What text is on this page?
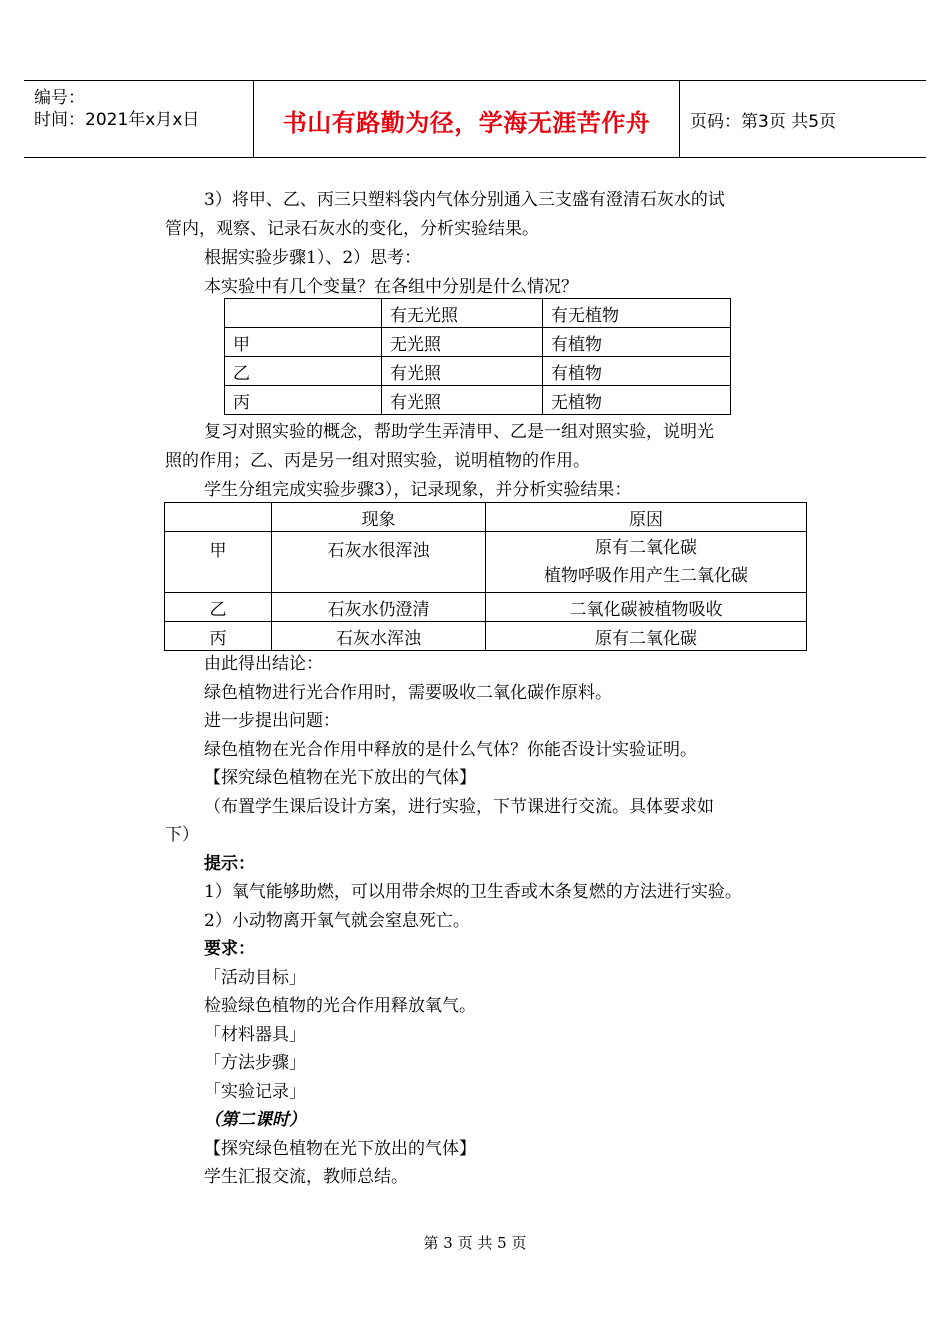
编号：
时间：2021年x月x日	书山有路勤为径，学海无涯苦作舟	页码：第3页 共5页
3）将甲、乙、丙三只塑料袋内气体分别通入三支盛有澄清石灰水的试
管内，观察、记录石灰水的变化，分析实验结果。
根据实验步骤1）、2）思考：
本实验中有几个变量？在各组中分别是什么情况？
	有无光照	有无植物
甲	无光照	有植物
乙	有光照	有植物
丙	有光照	无植物
复习对照实验的概念，帮助学生弄清甲、乙是一组对照实验，说明光
照的作用；乙、丙是另一组对照实验，说明植物的作用。
学生分组完成实验步骤3），记录现象，并分析实验结果：
	现象	原因
甲	石灰水很浑浊	原有二氧化碳
植物呼吸作用产生二氧化碳

乙	石灰水仍澄清	二氧化碳被植物吸收
丙	石灰水浑浊	原有二氧化碳
由此得出结论：
绿色植物进行光合作用时，需要吸收二氧化碳作原料。
进一步提出问题：
绿色植物在光合作用中释放的是什么气体？你能否设计实验证明。
【探究绿色植物在光下放出的气体】
（布置学生课后设计方案，进行实验，下节课进行交流。具体要求如
下）
提示：
1）氧气能够助燃，可以用带余烬的卫生香或木条复燃的方法进行实验。
2）小动物离开氧气就会窒息死亡。
要求：
「活动目标」
检验绿色植物的光合作用释放氧气。
「材料器具」
「方法步骤」
「实验记录」
（第二课时）
【探究绿色植物在光下放出的气体】
学生汇报交流，教师总结。
第 3 页 共 5 页
